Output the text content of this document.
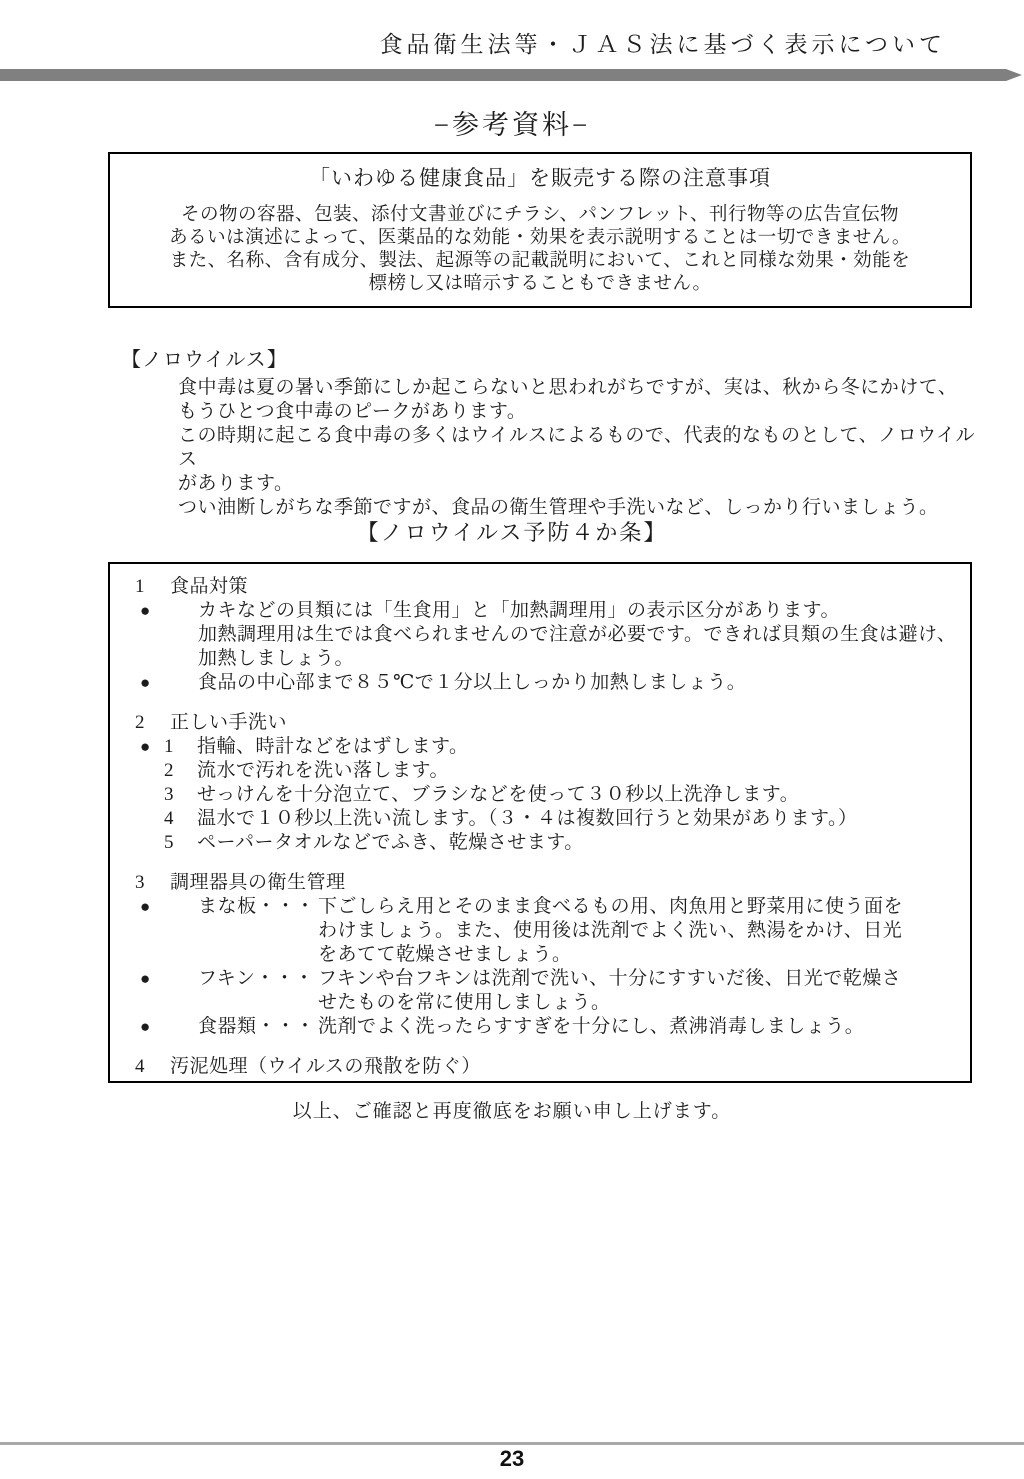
食品衛生法等・ＪＡＳ法に基づく表示について
−参考資料−
「いわゆる健康食品」を販売する際の注意事項
その物の容器、包装、添付文書並びにチラシ、パンフレット、刊行物等の広告宣伝物
あるいは演述によって、医薬品的な効能・効果を表示説明することは一切できません。
また、名称、含有成分、製法、起源等の記載説明において、これと同様な効果・効能を
標榜し又は暗示することもできません。
【ノロウイルス】
食中毒は夏の暑い季節にしか起こらないと思われがちですが、実は、秋から冬にかけて、
もうひとつ食中毒のピークがあります。
この時期に起こる食中毒の多くはウイルスによるもので、代表的なものとして、ノロウイルス
があります。
つい油断しがちな季節ですが、食品の衛生管理や手洗いなど、しっかり行いましょう。
【ノロウイルス予防４か条】
1	食品対策
●	カキなどの貝類には「生食用」と「加熱調理用」の表示区分があります。
加熱調理用は生では食べられませんので注意が必要です。できれば貝類の生食は避け、
加熱しましょう。
●	食品の中心部まで８５℃で１分以上しっかり加熱しましょう。
2	正しい手洗い
● 1	指輪、時計などをはずします。
2	流水で汚れを洗い落します。
3	せっけんを十分泡立て、ブラシなどを使って３０秒以上洗浄します。
4	温水で１０秒以上洗い流します。（３・４は複数回行うと効果があります。）
5	ペーパータオルなどでふき、乾燥させます。
3	調理器具の衛生管理
●	まな板・・・ 下ごしらえ用とそのまま食べるもの用、肉魚用と野菜用に使う面を
わけましょう。また、使用後は洗剤でよく洗い、熱湯をかけ、日光
をあてて乾燥させましょう。
●	フキン・・・ フキンや台フキンは洗剤で洗い、十分にすすいだ後、日光で乾燥さ
せたものを常に使用しましょう。
●	食器類・・・ 洗剤でよく洗ったらすすぎを十分にし、煮沸消毒しましょう。
4	汚泥処理（ウイルスの飛散を防ぐ）
以上、ご確認と再度徹底をお願い申し上げます。
23
